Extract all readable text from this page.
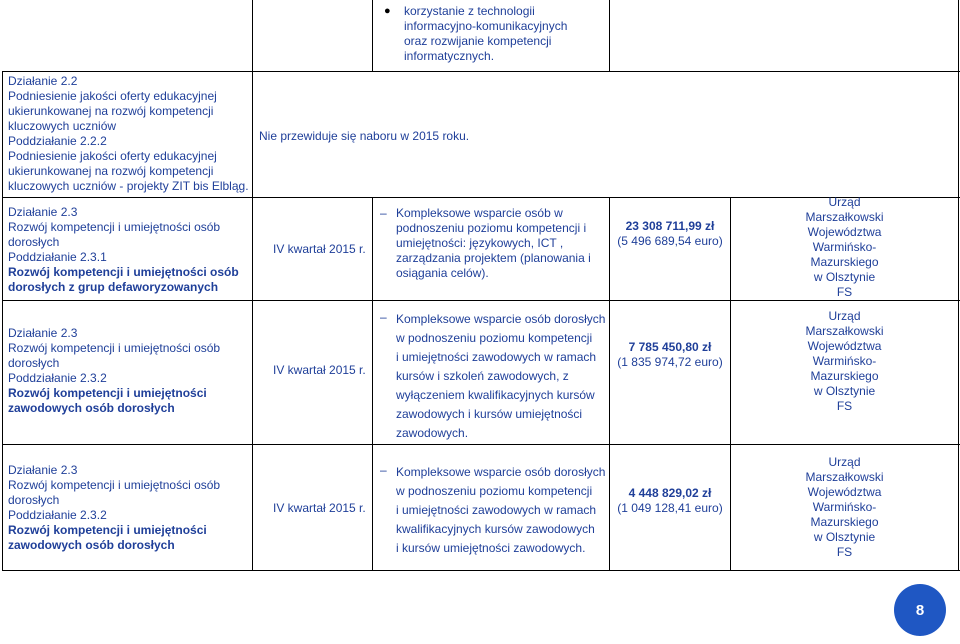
●	korzystanie z technologii
informacyjno-komunikacyjnych
oraz rozwijanie kompetencji
informatycznych.
Działanie 2.2
Podniesienie jakości oferty edukacyjnej
ukierunkowanej na rozwój kompetencji
kluczowych uczniów
Poddziałanie 2.2.2
Podniesienie jakości oferty edukacyjnej
ukierunkowanej na rozwój kompetencji
kluczowych uczniów - projekty ZIT bis Elbląg.
Nie przewiduje się naboru w 2015 roku.
Działanie 2.3
Rozwój kompetencji i umiejętności osób
dorosłych
Poddziałanie 2.3.1
Rozwój kompetencji i umiejętności osób
dorosłych z grup defaworyzowanych
IV kwartał 2015 r.
– Kompleksowe wsparcie osób w
podnoszeniu poziomu kompetencji i
umiejętności: językowych, ICT ,
zarządzania projektem (planowania i
osiągania celów).
23 308 711,99 zł
(5 496 689,54 euro)
Urząd
Marszałkowski
Województwa
Warmińsko-
Mazurskiego
w Olsztynie
FS
Działanie 2.3
Rozwój kompetencji i umiejętności osób
dorosłych
Poddziałanie 2.3.2
Rozwój kompetencji i umiejętności
zawodowych osób dorosłych
IV kwartał 2015 r.
– Kompleksowe wsparcie osób dorosłych
w podnoszeniu poziomu kompetencji
i umiejętności zawodowych w ramach
kursów i szkoleń zawodowych, z
wyłączeniem kwalifikacyjnych kursów
zawodowych i kursów umiejętności
zawodowych.
7 785 450,80 zł
(1 835 974,72 euro)
Urząd
Marszałkowski
Województwa
Warmińsko-
Mazurskiego
w Olsztynie
FS
Działanie 2.3
Rozwój kompetencji i umiejętności osób
dorosłych
Poddziałanie 2.3.2
Rozwój kompetencji i umiejętności
zawodowych osób dorosłych
IV kwartał 2015 r.
– Kompleksowe wsparcie osób dorosłych
w podnoszeniu poziomu kompetencji
i umiejętności zawodowych w ramach
kwalifikacyjnych kursów zawodowych
i kursów umiejętności zawodowych.
4 448 829,02 zł
(1 049 128,41 euro)
Urząd
Marszałkowski
Województwa
Warmińsko-
Mazurskiego
w Olsztynie
FS
8
